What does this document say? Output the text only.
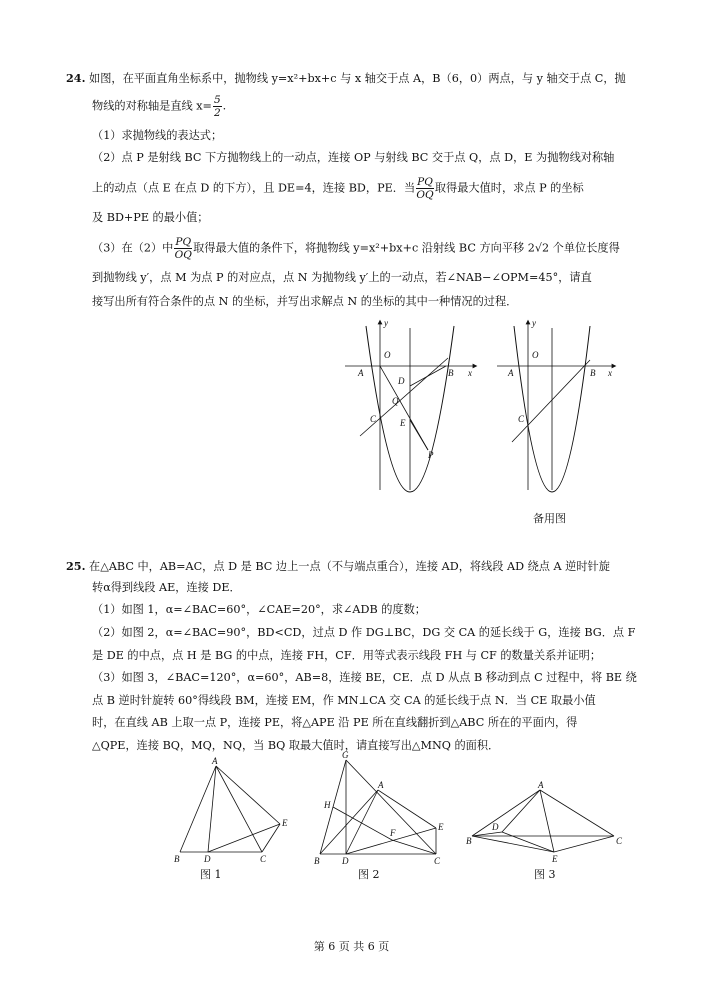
24. 如图，在平面直角坐标系中，抛物线 y=x²+bx+c 与 x 轴交于点 A，B（6，0）两点，与 y 轴交于点 C，抛
物线的对称轴是直线 $x= \frac{5}{2}$ .
（1）求抛物线的表达式；
（2）点 P 是射线 BC 下方抛物线上的一动点，连接 OP 与射线 BC 交于点 Q，点 D，E 为抛物线对称轴
上的动点（点 E 在点 D 的下方），且 DE=4，连接 BD，PE．当 $\frac{PQ}{OQ}$ 取得最大值时，求点 P 的坐标
及 BD+PE 的最小值；
（3）在（2）中 $\frac{PQ}{OQ}$ 取得最大值的条件下，将抛物线 y=x²+bx+c 沿射线 BC 方向平移 2√2 个单位长度得
到抛物线 y′，点 M 为点 P 的对应点，点 N 为抛物线 y′上的一动点，若∠NAB−∠OPM=45°，请直
接写出所有符合条件的点 N 的坐标，并写出求解点 N 的坐标的其中一种情况的过程．
y
O
A	B x
D
Q
C	E
P
y
O
A	B x
C
备用图
25. 在△ABC 中，AB=AC，点 D 是 BC 边上一点（不与端点重合），连接 AD，将线段 AD 绕点 A 逆时针旋
转α得到线段 AE，连接 DE．
（1）如图 1，α=∠BAC=60°，∠CAE=20°，求∠ADB 的度数；
（2）如图 2，α=∠BAC=90°，BD<CD，过点 D 作 DG⊥BC，DG 交 CA 的延长线于 G，连接 BG．点 F
是 DE 的中点，点 H 是 BG 的中点，连接 FH，CF．用等式表示线段 FH 与 CF 的数量关系并证明；
（3）如图 3，∠BAC=120°，α=60°，AB=8，连接 BE，CE．点 D 从点 B 移动到点 C 过程中，将 BE 绕
点 B 逆时针旋转 60°得线段 BM，连接 EM，作 MN⊥CA 交 CA 的延长线于点 N．当 CE 取最小值
时，在直线 AB 上取一点 P，连接 PE，将△APE 沿 PE 所在直线翻折到△ABC 所在的平面内，得
△QPE，连接 BQ，MQ，NQ，当 BQ 取最大值时，请直接写出△MNQ 的面积．
A
B	D	C
E
图 1
G
A
H
E
F
B	D	C
图 2
A
D
B
E
C
图 3
第 6 页 共 6 页
